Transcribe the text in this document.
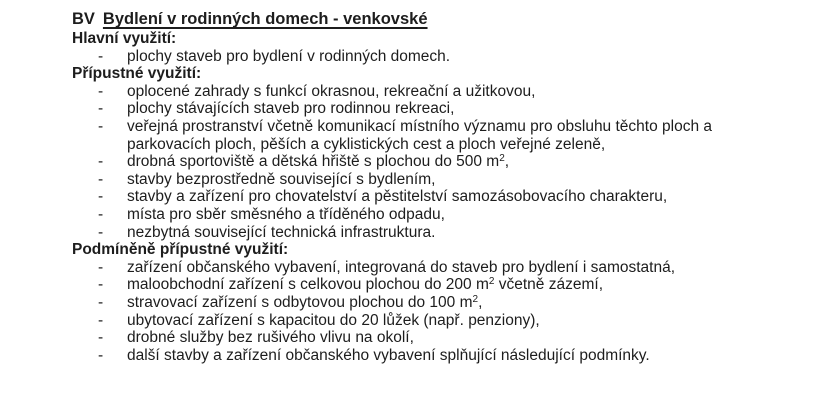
BV Bydlení v rodinných domech - venkovské
Hlavní využití:
- plochy staveb pro bydlení v rodinných domech.
Přípustné využití:
- oplocené zahrady s funkcí okrasnou, rekreační a užitkovou,
- plochy stávajících staveb pro rodinnou rekreaci,
- veřejná prostranství včetně komunikací místního významu pro obsluhu těchto ploch a parkovacích ploch, pěších a cyklistických cest a ploch veřejné zeleně,
- drobná sportoviště a dětská hřiště s plochou do 500 $m^2$,
- stavby bezprostředně související s bydlením,
- stavby a zařízení pro chovatelství a pěstitelství samozásobovacího charakteru,
- místa pro sběr směsného a tříděného odpadu,
- nezbytná související technická infrastruktura.
Podmíněně přípustné využití:
- zařízení občanského vybavení, integrovaná do staveb pro bydlení i samostatná,
- maloobchodní zařízení s celkovou plochou do 200 $m^2$ včetně zázemí,
- stravovací zařízení s odbytovou plochou do 100 $m^2$,
- ubytovací zařízení s kapacitou do 20 lůžek (např. penziony),
- drobné služby bez rušivého vlivu na okolí,
- další stavby a zařízení občanského vybavení splňující následující podmínky.
